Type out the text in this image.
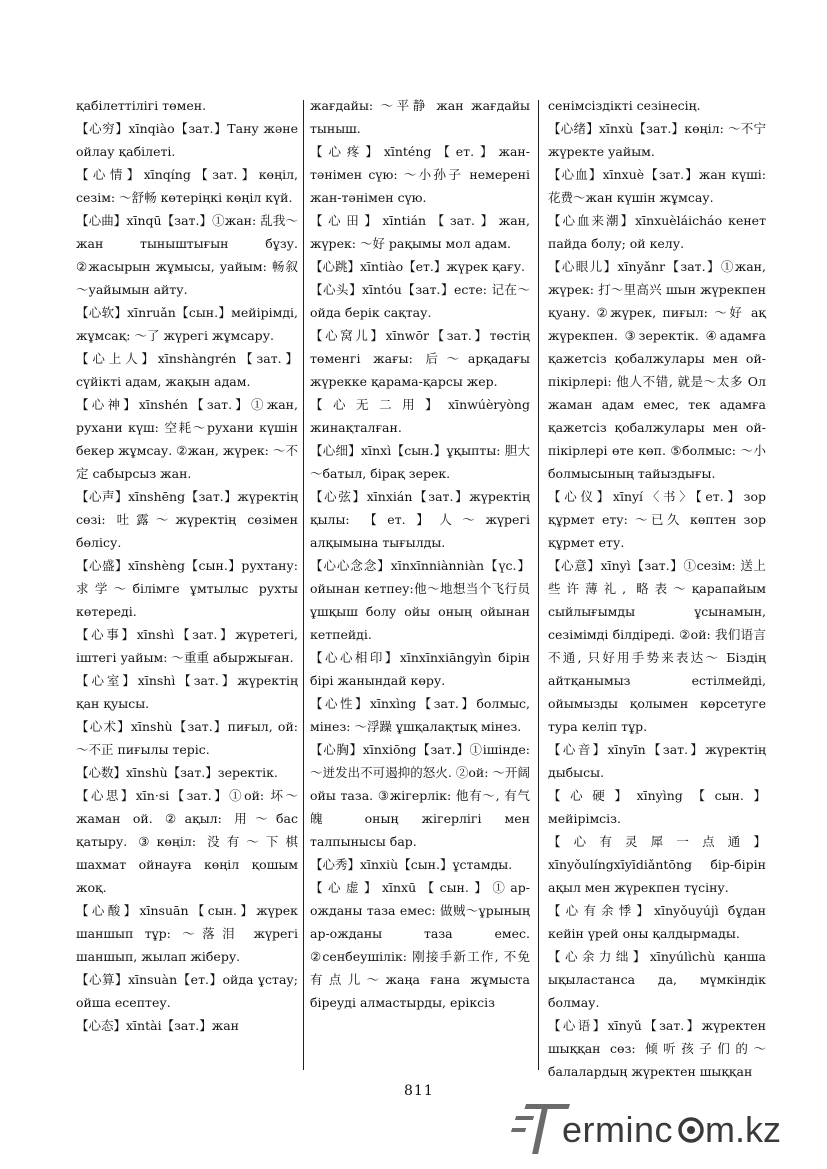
қабілеттілігі төмен.

【心穷】xīnqiào【зат.】Тану және ойлау қабілеті.

【心情】xīnqíng【зат.】көңіл, сезім: ～舒畅 көтеріңкі көңіл күй.

【心曲】xīnqū【зат.】①жан: 乱我～жан тыныштығын бұзу. ②жасырын жұмысы, уайым: 畅叙～уайымын айту.

【心软】xīnruǎn【сын.】мейірімді, жұмсақ: ～了 жүрегі жұмсару.

【心上人】xīnshàngrén【зат.】сүйікті адам, жақын адам.

【心神】xīnshén【зат.】①жан, рухани күш: 空耗～рухани күшін бекер жұмсау. ②жан, жүрек: ～不定 сабырсыз жан.

【心声】xīnshēng【зат.】жүректің сөзі: 吐露～жүректің сөзімен бөлісу.

【心盛】xīnshèng【сын.】рухтану: 求学～білімге ұмтылыс рухты көтереді.

【心事】xīnshì【зат.】жүретегі, іштегі уайым: ～重重 абыржыған.

【心室】xīnshì【зат.】жүректің қан қуысы.

【心术】xīnshù【зат.】пиғыл, ой: ～不正 пиғылы теріс.

【心数】xīnshù【зат.】зеректік.

【心思】xīn·si【зат.】①ой: 坏～жаман ой. ②ақыл: 用～бас қатыру. ③көңіл: 没有～下棋 шахмат ойнауға көңіл қошым жоқ.

【心酸】xīnsuān【сын.】жүрек шаншып тұр: ～落泪 жүрегі шаншып, жылап жіберу.

【心算】xīnsuàn【ет.】ойда ұстау; ойша есептеу.

【心态】xīntài【зат.】жан

жағдайы: ～平静 жан жағдайы тыныш.

【心疼】xīnténg【ет.】жан-тәнімен сүю: ～小孙子 немерені жан-тәнімен сүю.

【心田】xīntián【зат.】жан, жүрек: ～好 рақымы мол адам.

【心跳】xīntiào【ет.】жүрек қағу.

【心头】xīntóu【зат.】есте: 记在～ойда берік сақтау.

【心窝儿】xīnwōr【зат.】төстің төменгі жағы: 后～арқадағы жүрекке қарама-қарсы жер.

【心无二用】xīnwúèryòng жинақталған.

【心细】xīnxì【сын.】ұқыпты: 胆大～батыл, бірақ зерек.

【心弦】xīnxián【зат.】жүректің қылы: 【ет.】人～жүрегі алқымына тығылды.

【心心念念】xīnxīnniànniàn【үс.】ойынан кетпеу:他～地想当个飞行员 ұшқыш болу ойы оның ойынан кетпейді.

【心心相印】xīnxīnxiāngyìn бірін бірі жанындай көру.

【心性】xīnxìng【зат.】болмыс, мінез: ～浮躁 ұшқалақтық мінез.

【心胸】xīnxiōng【зат.】①ішінде: ～迸发出不可遏抑的怒火. ②ой: ～开阔 ойы таза. ③жігерлік: 他有～, 有气魄 оның жігерлігі мен талпынысы бар.

【心秀】xīnxiù【сын.】ұстамды.

【心虚】xīnxū【сын.】①ар-ожданы таза емес: 做贼～ұрының ар-ожданы таза емес. ②сенбеушілік: 刚接手新工作, 不免有点儿～жаңа ғана жұмыста біреуді алмастырды, еріксіз

сенімсіздікті сезінесің.

【心绪】xīnxù【зат.】көңіл: ～不宁 жүректе уайым.

【心血】xīnxuè【зат.】жан күші: 花费～жан күшін жұмсау.

【心血来潮】xīnxuèláicháo кенет пайда болу; ой келу.

【心眼儿】xīnyǎnr【зат.】①жан, жүрек: 打～里高兴 шын жүрекпен қуану. ②жүрек, пиғыл: ～好 ақ жүрекпен. ③зеректік. ④адамға қажетсіз қобалжулары мен ой-пікірлері: 他人不错, 就是～太多 Ол жаман адам емес, тек адамға қажетсіз қобалжулары мен ой-пікірлері өте көп. ⑤болмыс: ～小 болмысының тайыздығы.

【心仪】xīnyí〈书〉【ет.】зор құрмет ету: ～已久 көптен зор құрмет ету.

【心意】xīnyì【зат.】①сезім: 送上些许薄礼, 略表～қарапайым сыйлығымды ұсынамын, сезімімді білдіреді. ②ой: 我们语言不通, 只好用手势来表达～ Біздің айтқанымыз естілмейді, ойымызды қолымен көрсетуге тура келіп тұр.

【心音】xīnyīn【зат.】жүректің дыбысы.

【心硬】xīnyìng【сын.】мейірімсіз.

【心有灵犀一点通】xīnyǒulíngxīyīdiǎntōng бір-бірін ақыл мен жүрекпен түсіну.

【心有余悸】xīnyǒuyújì бұдан кейін үрей оны қалдырмады.

【心余力绌】xīnyúlìchù қанша ықыластанса да, мүмкіндік болмау.

【心语】xīnyǔ【зат.】жүректен шыққан сөз: 倾听孩子们的～балалардың жүректен шыққан

811
erminc m.kz
